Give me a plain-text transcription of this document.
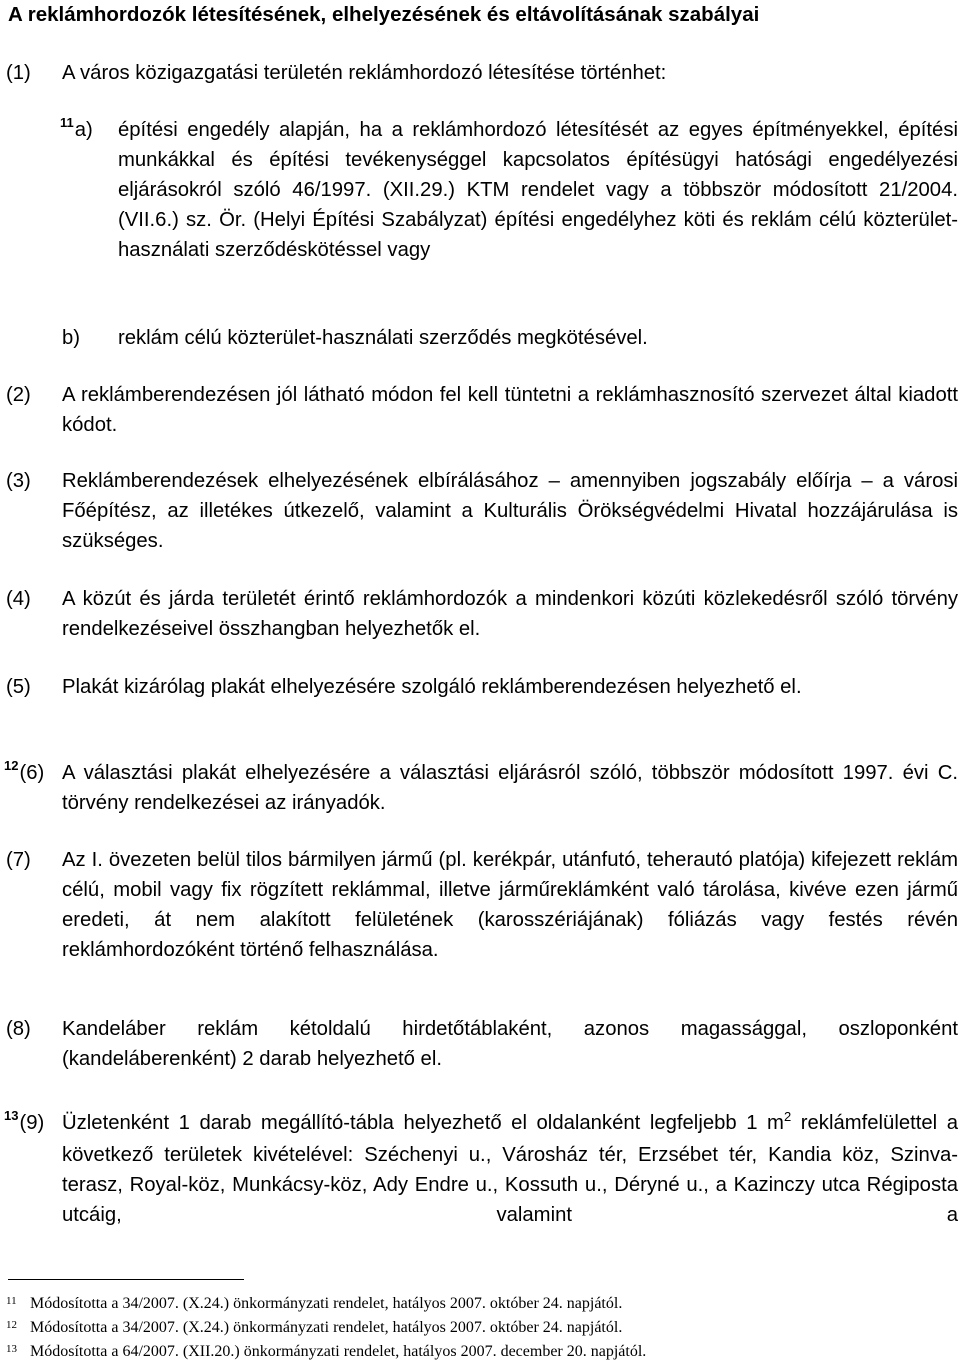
A reklámhordozók létesítésének, elhelyezésének és eltávolításának szabályai
(1) A város közigazgatási területén reklámhordozó létesítése történhet:
$^{11}$a) építési engedély alapján, ha a reklámhordozó létesítését az egyes építményekkel, építési munkákkal és építési tevékenységgel kapcsolatos építésügyi hatósági engedélyezési eljárásokról szóló 46/1997. (XII.29.) KTM rendelet vagy a többször módosított 21/2004. (VII.6.) sz. Ör. (Helyi Építési Szabályzat) építési engedélyhez köti és reklám célú közterület-használati szerződéskötéssel vagy
b) reklám célú közterület-használati szerződés megkötésével.
(2) A reklámberendezésen jól látható módon fel kell tüntetni a reklámhasznosító szervezet által kiadott kódot.
(3) Reklámberendezések elhelyezésének elbírálásához – amennyiben jogszabály előírja – a városi Főépítész, az illetékes útkezelő, valamint a Kulturális Örökségvédelmi Hivatal hozzájárulása is szükséges.
(4) A közút és járda területét érintő reklámhordozók a mindenkori közúti közlekedésről szóló törvény rendelkezéseivel összhangban helyezhetők el.
(5) Plakát kizárólag plakát elhelyezésére szolgáló reklámberendezésen helyezhető el.
$^{12}$(6) A választási plakát elhelyezésére a választási eljárásról szóló, többször módosított 1997. évi C. törvény rendelkezései az irányadók.
(7) Az I. övezeten belül tilos bármilyen jármű (pl. kerékpár, utánfutó, teherautó platója) kifejezett reklám célú, mobil vagy fix rögzített reklámmal, illetve járműreklámként való tárolása, kivéve ezen jármű eredeti, át nem alakított felületének (karosszériájának) fóliázás vagy festés révén reklámhordozóként történő felhasználása.
(8) Kandeláber reklám kétoldalú hirdetőtáblaként, azonos magassággal, oszloponként (kandeláberenként) 2 darab helyezhető el.
$^{13}$(9) Üzletenként 1 darab megállító-tábla helyezhető el oldalanként legfeljebb 1 $m^2$ reklámfelülettel a következő területek kivételével: Széchenyi u., Városház tér, Erzsébet tér, Kandia köz, Szinva-terasz, Royal-köz, Munkácsy-köz, Ady Endre u., Kossuth u., Déryné u., a Kazinczy utca Régiposta utcáig, valamint a
11 Módosította a 34/2007. (X.24.) önkormányzati rendelet, hatályos 2007. október 24. napjától.
12 Módosította a 34/2007. (X.24.) önkormányzati rendelet, hatályos 2007. október 24. napjától.
13 Módosította a 64/2007. (XII.20.) önkormányzati rendelet, hatályos 2007. december 20. napjától.
